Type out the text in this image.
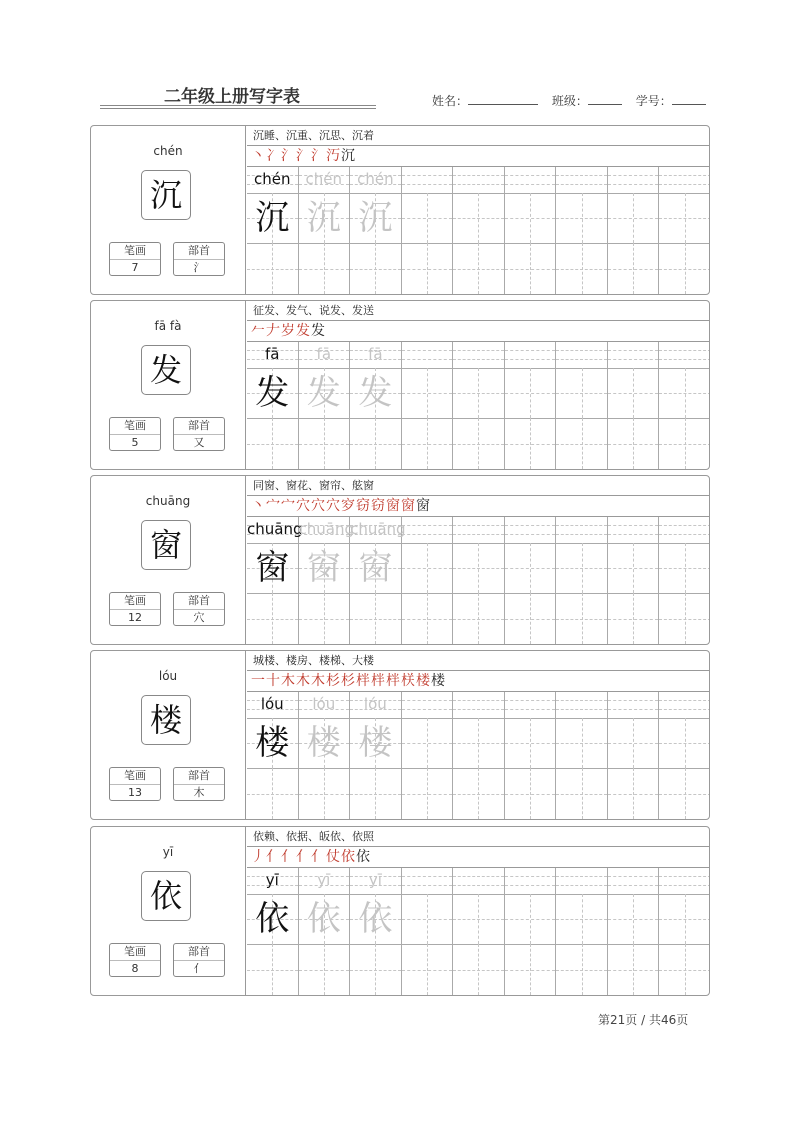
二年级上册写字表	姓名：	班级：	学号：
chén
沉
笔画
7
部首
氵
沉睡、沉重、沉思、沉着
丶冫氵氵氵汅沉
chén
沉
chén
沉
chén
沉
fā fà
发
笔画
5
部首
又
征发、发气、说发、发送
𠂉𠂇岁发发
fā
发
fā
发
fā
发
chuāng
窗
笔画
12
部首
穴
同窗、窗花、窗帘、舷窗
丶宀宀穴穴穴穸窃窃窗窗窗
chuāng
窗
chuāng
窗
chuāng
窗
lóu
楼
笔画
13
部首
木
城楼、楼房、楼梯、大楼
一十木木木杉杉柈柈柈栚楼楼
lóu
楼
lóu
楼
lóu
楼
yī
依
笔画
8
部首
亻
依赖、依据、皈依、依照
丿亻亻亻亻仗依依
yī
依
yī
依
yī
依
第21页 / 共46页
